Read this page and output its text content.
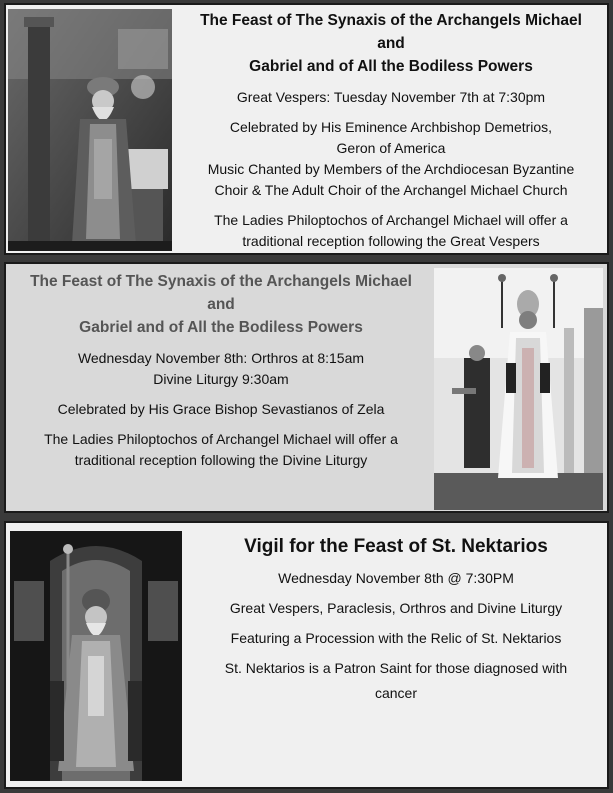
The Feast of The Synaxis of the Archangels Michael
and
Gabriel and of All the Bodiless Powers
Great Vespers: Tuesday November 7th at 7:30pm
Celebrated by His Eminence Archbishop Demetrios,
Geron of America
Music Chanted by Members of the Archdiocesan Byzantine
Choir & The Adult Choir of the Archangel Michael Church
The Ladies Philoptochos of Archangel Michael will offer a
traditional reception following the Great Vespers
The Feast of The Synaxis of the Archangels Michael
and
Gabriel and of All the Bodiless Powers
Wednesday November 8th: Orthros at 8:15am
Divine Liturgy 9:30am
Celebrated by His Grace Bishop Sevastianos of Zela
The Ladies Philoptochos of Archangel Michael will offer a
traditional reception following the Divine Liturgy
Vigil for the Feast of St. Nektarios
Wednesday November 8th @ 7:30PM
Great Vespers, Paraclesis, Orthros and Divine Liturgy
Featuring a Procession with the Relic of St. Nektarios
St. Nektarios is a Patron Saint for those diagnosed with
cancer
